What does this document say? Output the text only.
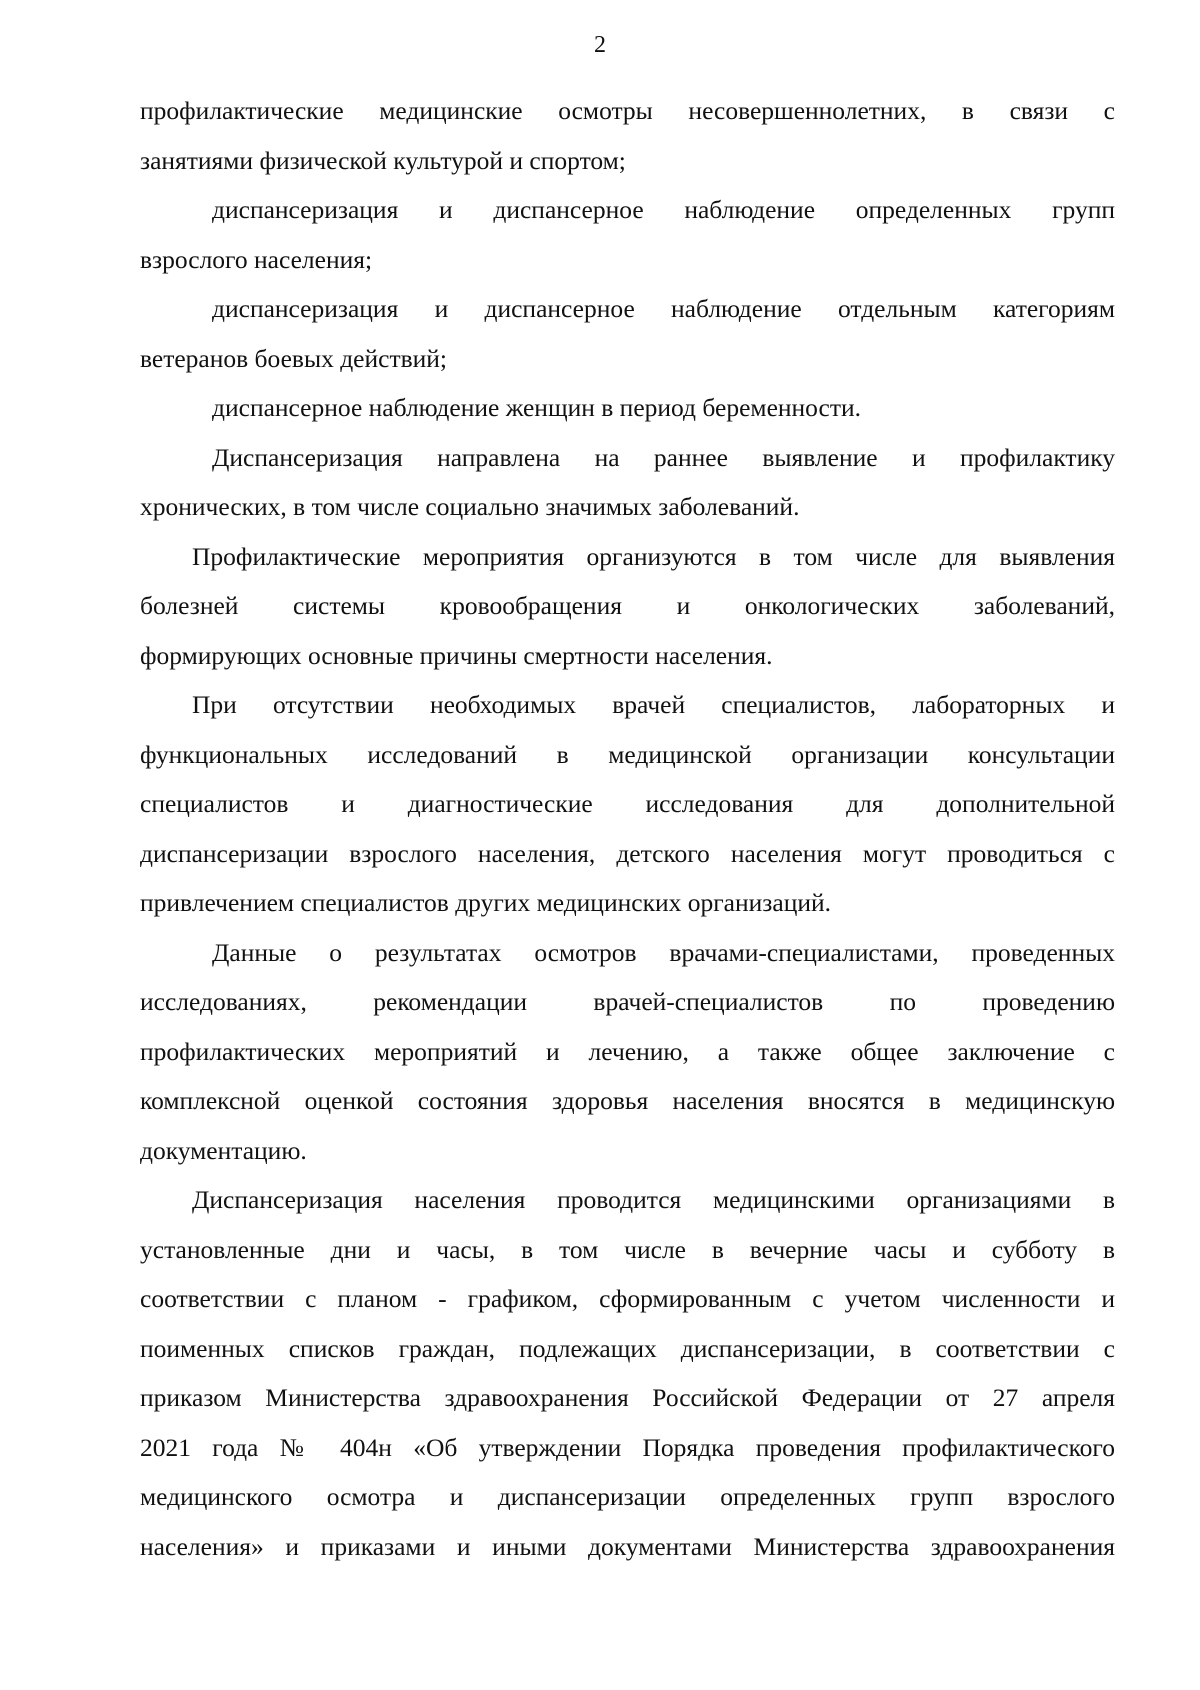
2
профилактические медицинские осмотры несовершеннолетних, в связи с
занятиями физической культурой и спортом;
диспансеризация и диспансерное наблюдение определенных групп
взрослого населения;
диспансеризация и диспансерное наблюдение отдельным категориям
ветеранов боевых действий;
диспансерное наблюдение женщин в период беременности.
Диспансеризация направлена на раннее выявление и профилактику
хронических, в том числе социально значимых заболеваний.
Профилактические мероприятия организуются в том числе для выявления
болезней системы кровообращения и онкологических заболеваний,
формирующих основные причины смертности населения.
При отсутствии необходимых врачей специалистов, лабораторных и
функциональных исследований в медицинской организации консультации
специалистов и диагностические исследования для дополнительной
диспансеризации взрослого населения, детского населения могут проводиться с
привлечением специалистов других медицинских организаций.
Данные о результатах осмотров врачами-специалистами, проведенных
исследованиях, рекомендации врачей-специалистов по проведению
профилактических мероприятий и лечению, а также общее заключение с
комплексной оценкой состояния здоровья населения вносятся в медицинскую
документацию.
Диспансеризация населения проводится медицинскими организациями в
установленные дни и часы, в том числе в вечерние часы и субботу в
соответствии с планом - графиком, сформированным с учетом численности и
поименных списков граждан, подлежащих диспансеризации, в соответствии с
приказом Министерства здравоохранения Российской Федерации от 27 апреля
2021 года № 404н «Об утверждении Порядка проведения профилактического
медицинского осмотра и диспансеризации определенных групп взрослого
населения» и приказами и иными документами Министерства здравоохранения
